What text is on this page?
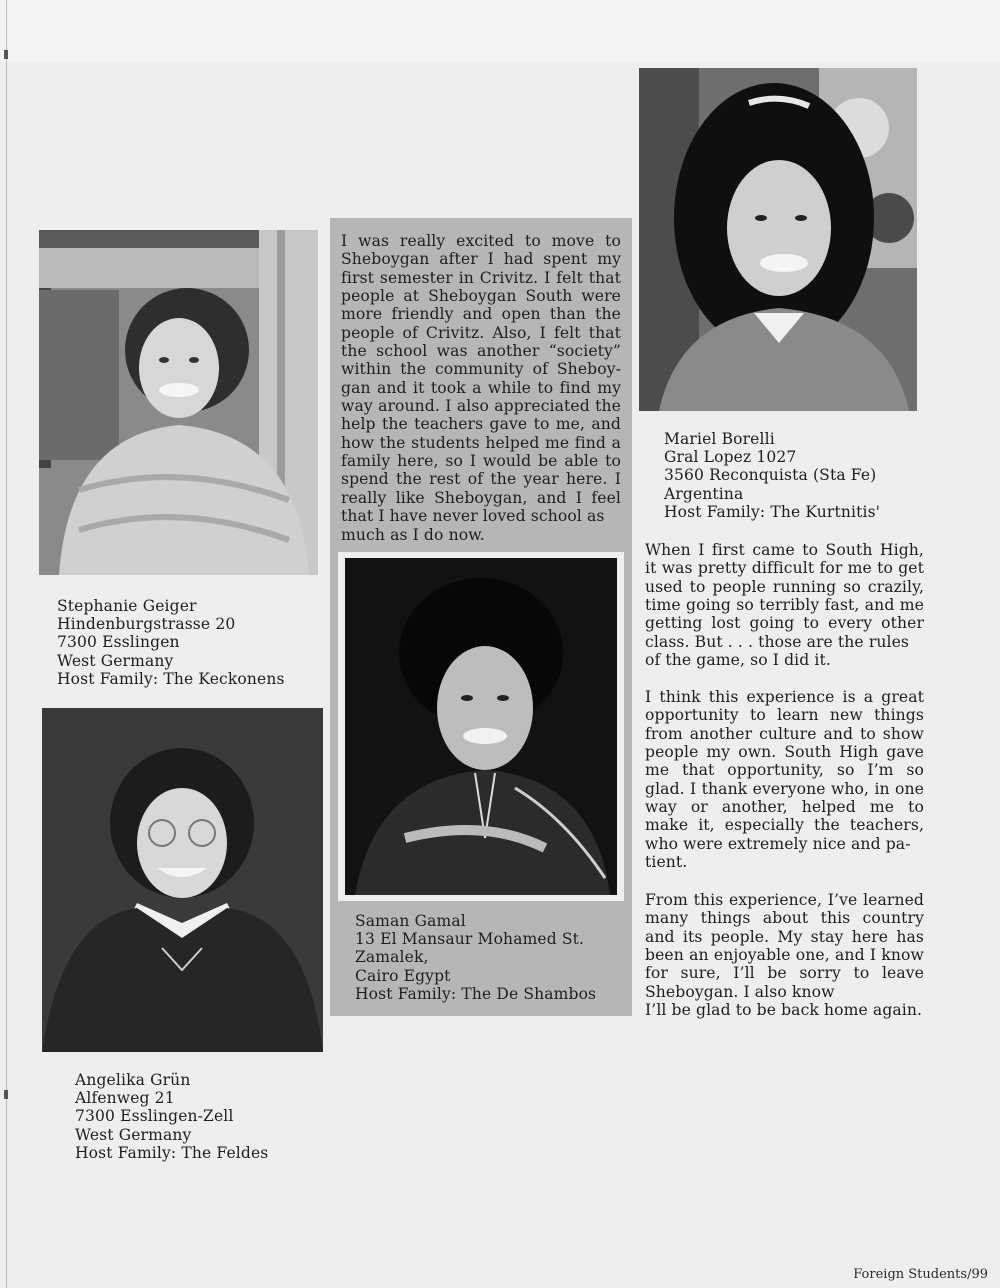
Stephanie Geiger
Hindenburgstrasse 20
7300 Esslingen
West Germany
Host Family: The Keckonens
Angelika Grün
Alfenweg 21
7300 Esslingen-Zell
West Germany
Host Family: The Feldes
I was really excited to move to Sheboygan after I had spent my first semester in Crivitz. I felt that people at Sheboygan South were more friendly and open than the people of Crivitz. Also, I felt that the school was another “society” within the community of Sheboy-gan and it took a while to find my way around. I also appreciated the help the teachers gave to me, and how the students helped me find a family here, so I would be able to spend the rest of the year here. I really like Sheboygan, and I feel that I have never loved school as
much as I do now.
Saman Gamal
13 El Mansaur Mohamed St.
Zamalek,
Cairo Egypt
Host Family: The De Shambos
Mariel Borelli
Gral Lopez 1027
3560 Reconquista (Sta Fe)
Argentina
Host Family: The Kurtnitis'
When I first came to South High, it was pretty difficult for me to get used to people running so crazily, time going so terribly fast, and me getting lost going to every other class. But . . . those are the rules
of the game, so I did it.
I think this experience is a great opportunity to learn new things from another culture and to show people my own. South High gave me that opportunity, so I’m so glad. I thank everyone who, in one way or another, helped me to make it, especially the teachers, who were extremely nice and pa-
tient.
From this experience, I’ve learned many things about this country and its people. My stay here has been an enjoyable one, and I know for sure, I’ll be sorry to leave Sheboygan. I also know
I’ll be glad to be back home again.
Foreign Students/99
